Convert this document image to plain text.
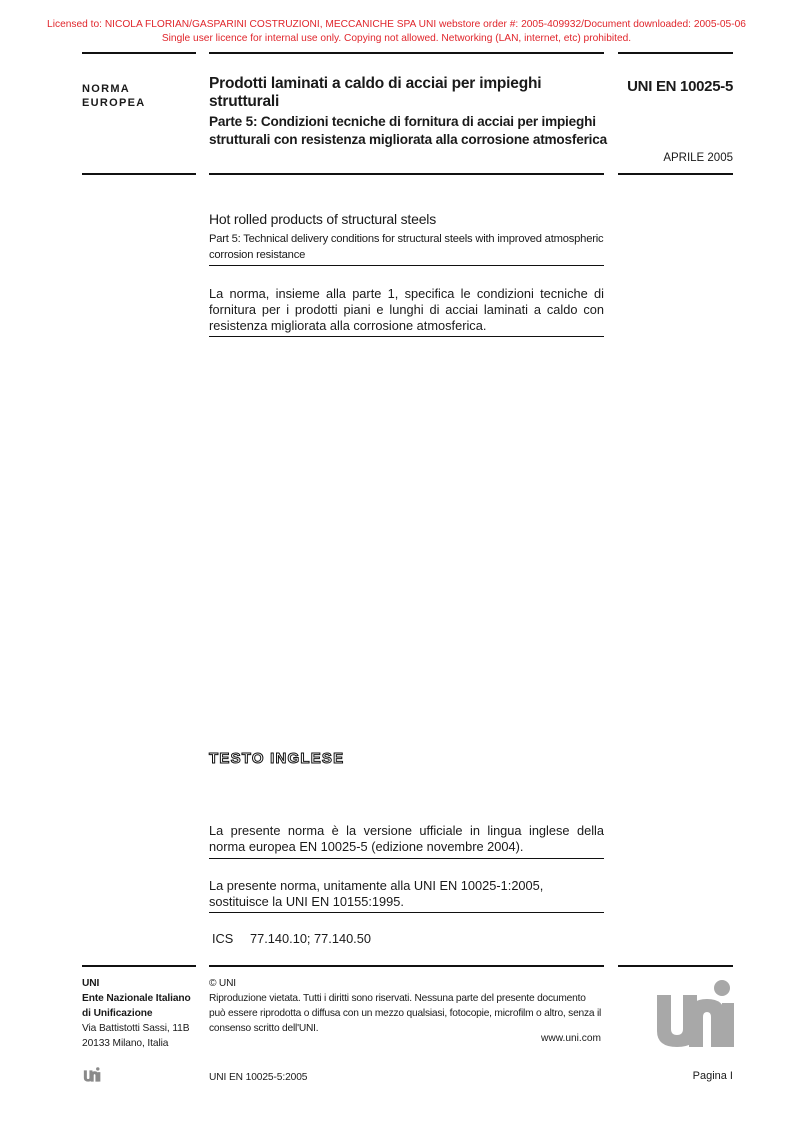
Licensed to: NICOLA FLORIAN/GASPARINI COSTRUZIONI, MECCANICHE SPA UNI webstore order #: 2005-409932/Document downloaded: 2005-05-06
Single user licence for internal use only. Copying not allowed. Networking (LAN, internet, etc) prohibited.
NORMA
EUROPEA
Prodotti laminati a caldo di acciai per impieghi strutturali
Parte 5: Condizioni tecniche di fornitura di acciai per impieghi strutturali con resistenza migliorata alla corrosione atmosferica
UNI EN 10025-5
APRILE 2005
Hot rolled products of structural steels
Part 5: Technical delivery conditions for structural steels with improved atmospheric corrosion resistance
La norma, insieme alla parte 1, specifica le condizioni tecniche di fornitura per i prodotti piani e lunghi di acciai laminati a caldo con resistenza migliorata alla corrosione atmosferica.
TESTO INGLESE
La presente norma è la versione ufficiale in lingua inglese della norma europea EN 10025-5 (edizione novembre 2004).
La presente norma, unitamente alla UNI EN 10025-1:2005, sostituisce la UNI EN 10155:1995.
ICS 77.140.10; 77.140.50
UNI
Ente Nazionale Italiano
di Unificazione
Via Battistotti Sassi, 11B
20133 Milano, Italia
© UNI
Riproduzione vietata. Tutti i diritti sono riservati. Nessuna parte del presente documento può essere riprodotta o diffusa con un mezzo qualsiasi, fotocopie, microfilm o altro, senza il consenso scritto dell'UNI.
www.uni.com
UNI EN 10025-5:2005	Pagina I
